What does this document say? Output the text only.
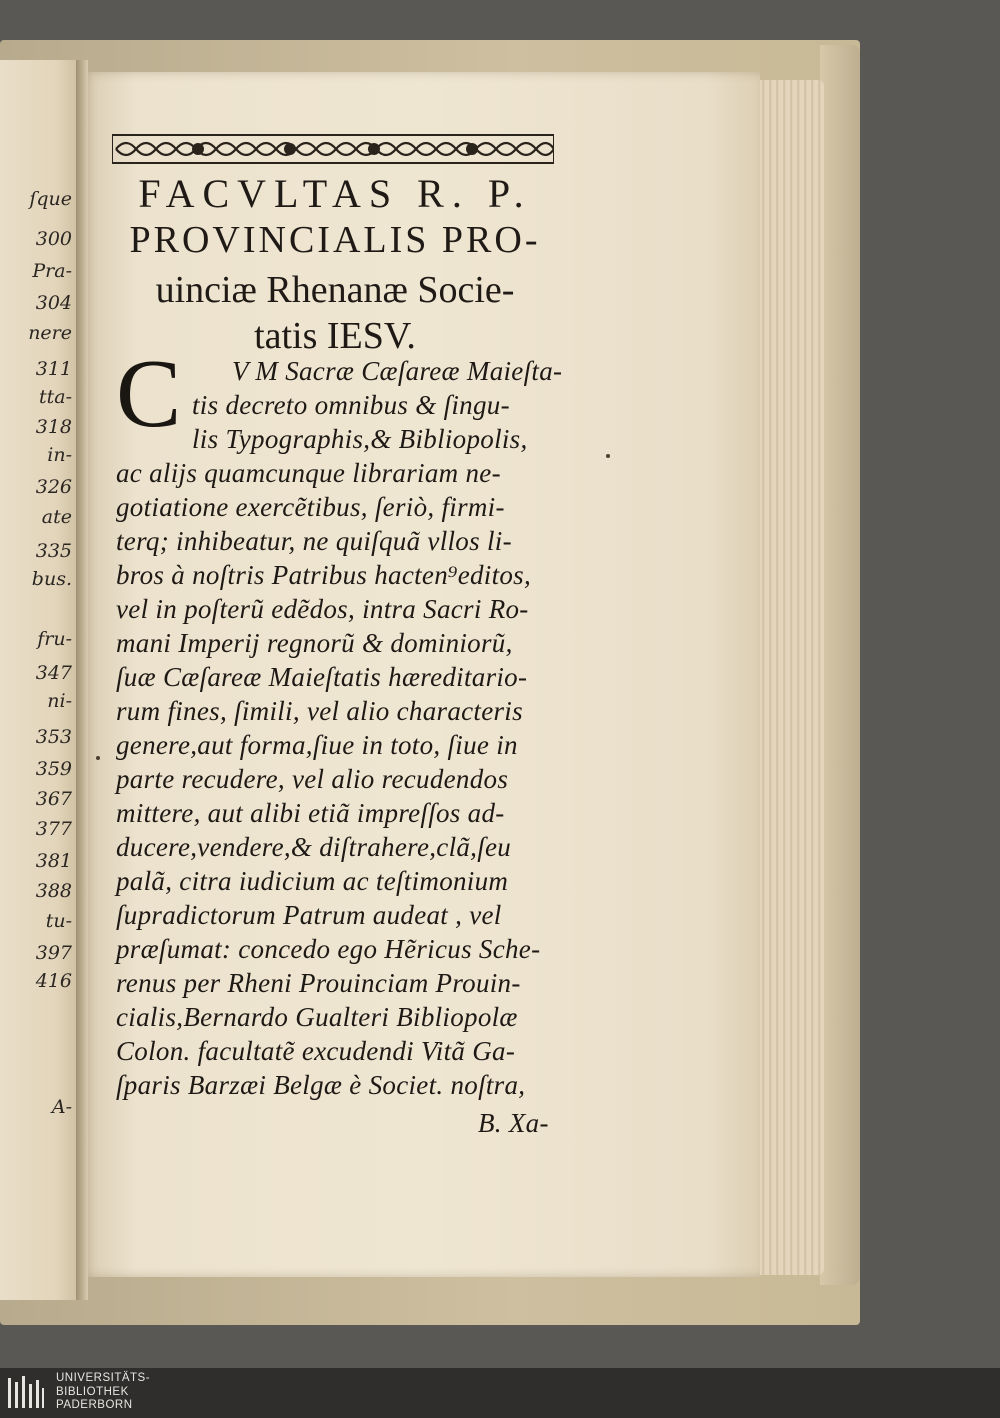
ſque
300
Pra-
304
nere
311
tta-
318
in-
326
ate
335
bus.
fru-
347
ni-
353
359
367
377
381
388
tu-
397
416
A-
FACVLTAS R. P.
PROVINCIALIS PRO-
uinciæ Rhenanæ Socie-
tatis IESV.
C V M Sacræ Cæſareæ Maieſta-
tis decreto omnibus & ſingu-
lis Typographis,& Bibliopolis,
ac alijs quamcunque librariam ne-
gotiatione exercẽtibus, ſeriò, firmi-
terq; inhibeatur, ne quiſquã vllos li-
bros à noſtris Patribus hacten⁹editos,
vel in poſterũ edẽdos, intra Sacri Ro-
mani Imperij regnorũ & dominiorũ,
ſuæ Cæſareæ Maieſtatis hæreditario-
rum fines, ſimili, vel alio characteris
genere,aut forma,ſiue in toto, ſiue in
parte recudere, vel alio recudendos
mittere, aut alibi etiã impreſſos ad-
ducere,vendere,& diſtrahere,clã,ſeu
palã, citra iudicium ac teſtimonium
ſupradictorum Patrum audeat , vel
præſumat: concedo ego Hẽricus Sche-
renus per Rheni Prouinciam Prouin-
cialis,Bernardo Gualteri Bibliopolæ
Colon. facultatẽ excudendi Vitã Ga-
ſparis Barzæi Belgæ è Societ. noſtra,
B. Xa-
UNIVERSITÄTS-
BIBLIOTHEK
PADERBORN
